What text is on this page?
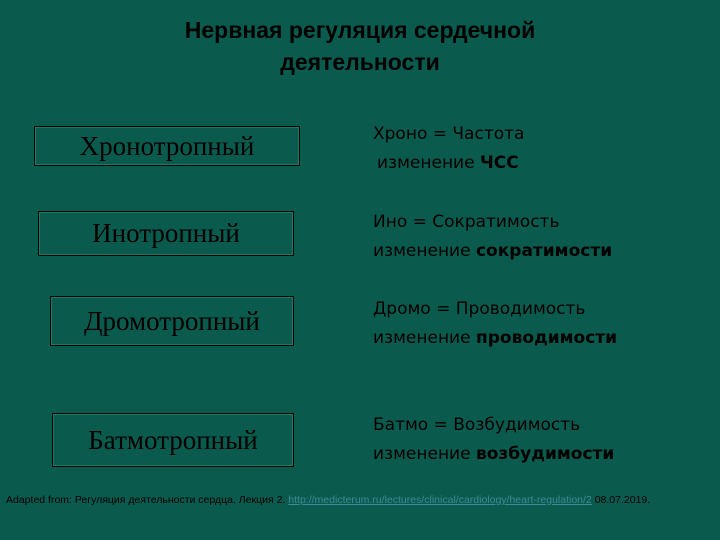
Нервная регуляция сердечной
деятельности
Хронотропный	Хроно = Частота
изменение ЧСС
Инотропный	Ино = Сократимость
изменение сократимости
Дромотропный	Дромо = Проводимость
изменение проводимости
Батмотропный	Батмо = Возбудимость
изменение возбудимости
Adapted from: Регуляция деятельности сердца. Лекция 2. http://medicterum.ru/lectures/clinical/cardiology/heart-regulation/2 08.07.2019.
